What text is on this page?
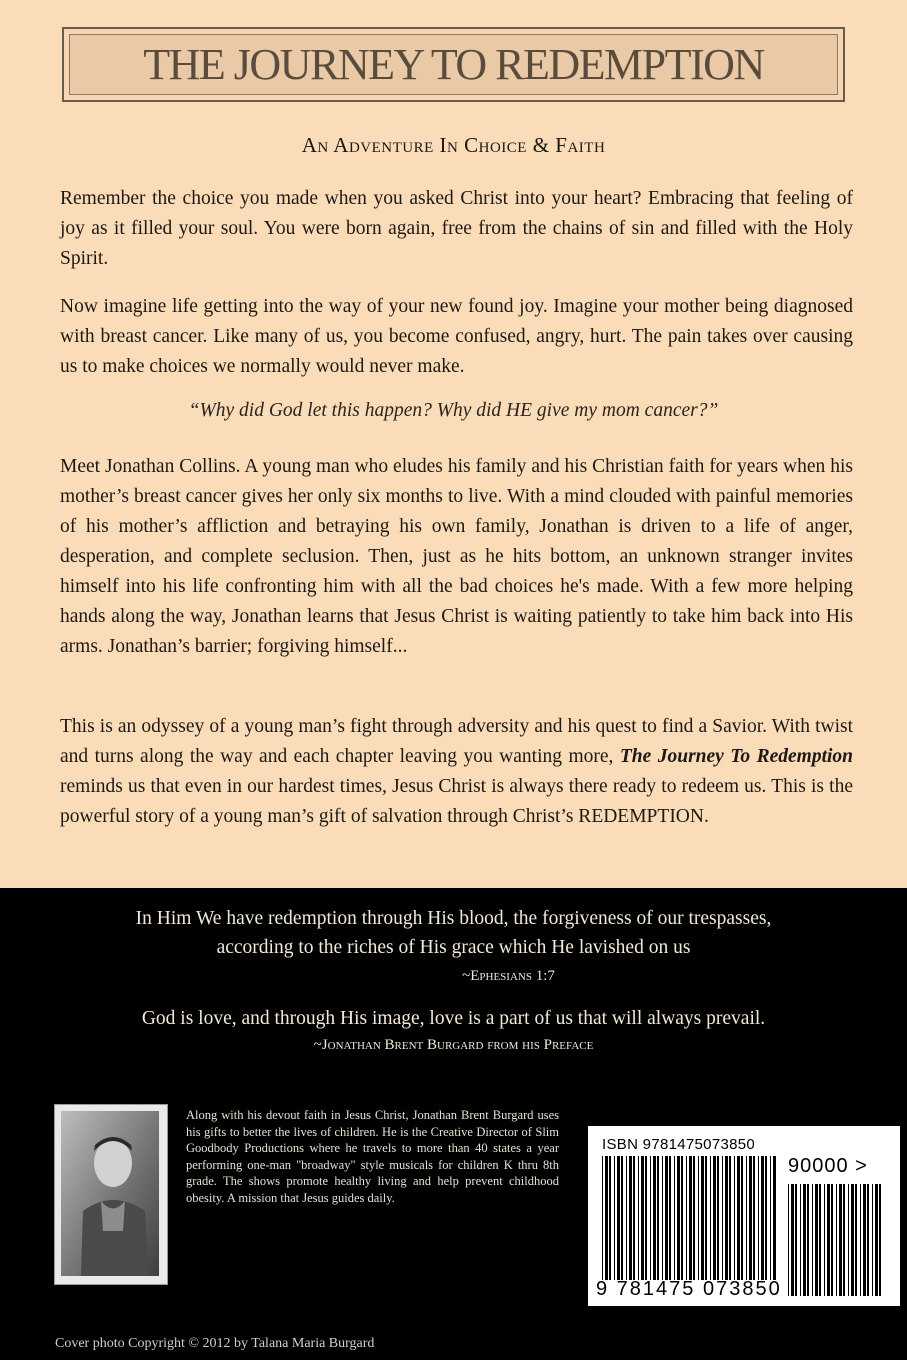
THE JOURNEY TO REDEMPTION
An Adventure In Choice & Faith

Remember the choice you made when you asked Christ into your heart? Embracing that feeling of joy as it filled your soul. You were born again, free from the chains of sin and filled with the Holy Spirit.

Now imagine life getting into the way of your new found joy. Imagine your mother being diagnosed with breast cancer. Like many of us, you become confused, angry, hurt. The pain takes over causing us to make choices we normally would never make.

“Why did God let this happen? Why did HE give my mom cancer?”

Meet Jonathan Collins. A young man who eludes his family and his Christian faith for years when his mother’s breast cancer gives her only six months to live. With a mind clouded with painful memories of his mother’s affliction and betraying his own family, Jonathan is driven to a life of anger, desperation, and complete seclusion. Then, just as he hits bottom, an unknown stranger invites himself into his life confronting him with all the bad choices he's made. With a few more helping hands along the way, Jonathan learns that Jesus Christ is waiting patiently to take him back into His arms. Jonathan’s barrier; forgiving himself...

This is an odyssey of a young man’s fight through adversity and his quest to find a Savior. With twist and turns along the way and each chapter leaving you wanting more, The Journey To Redemption reminds us that even in our hardest times, Jesus Christ is always there ready to redeem us. This is the powerful story of a young man’s gift of salvation through Christ’s REDEMPTION.

In Him We have redemption through His blood, the forgiveness of our trespasses,
according to the riches of His grace which He lavished on us
~Ephesians 1:7
God is love, and through His image, love is a part of us that will always prevail.
~Jonathan Brent Burgard from his Preface

Along with his devout faith in Jesus Christ, Jonathan Brent Burgard uses his gifts to better the lives of children. He is the Creative Director of Slim Goodbody Productions where he travels to more than 40 states a year performing one-man "broadway" style musicals for children K thru 8th grade. The shows promote healthy living and help prevent childhood obesity. A mission that Jesus guides daily.

ISBN 9781475073850
90000 >
9 781475 073850
Cover photo Copyright © 2012 by Talana Maria Burgard
